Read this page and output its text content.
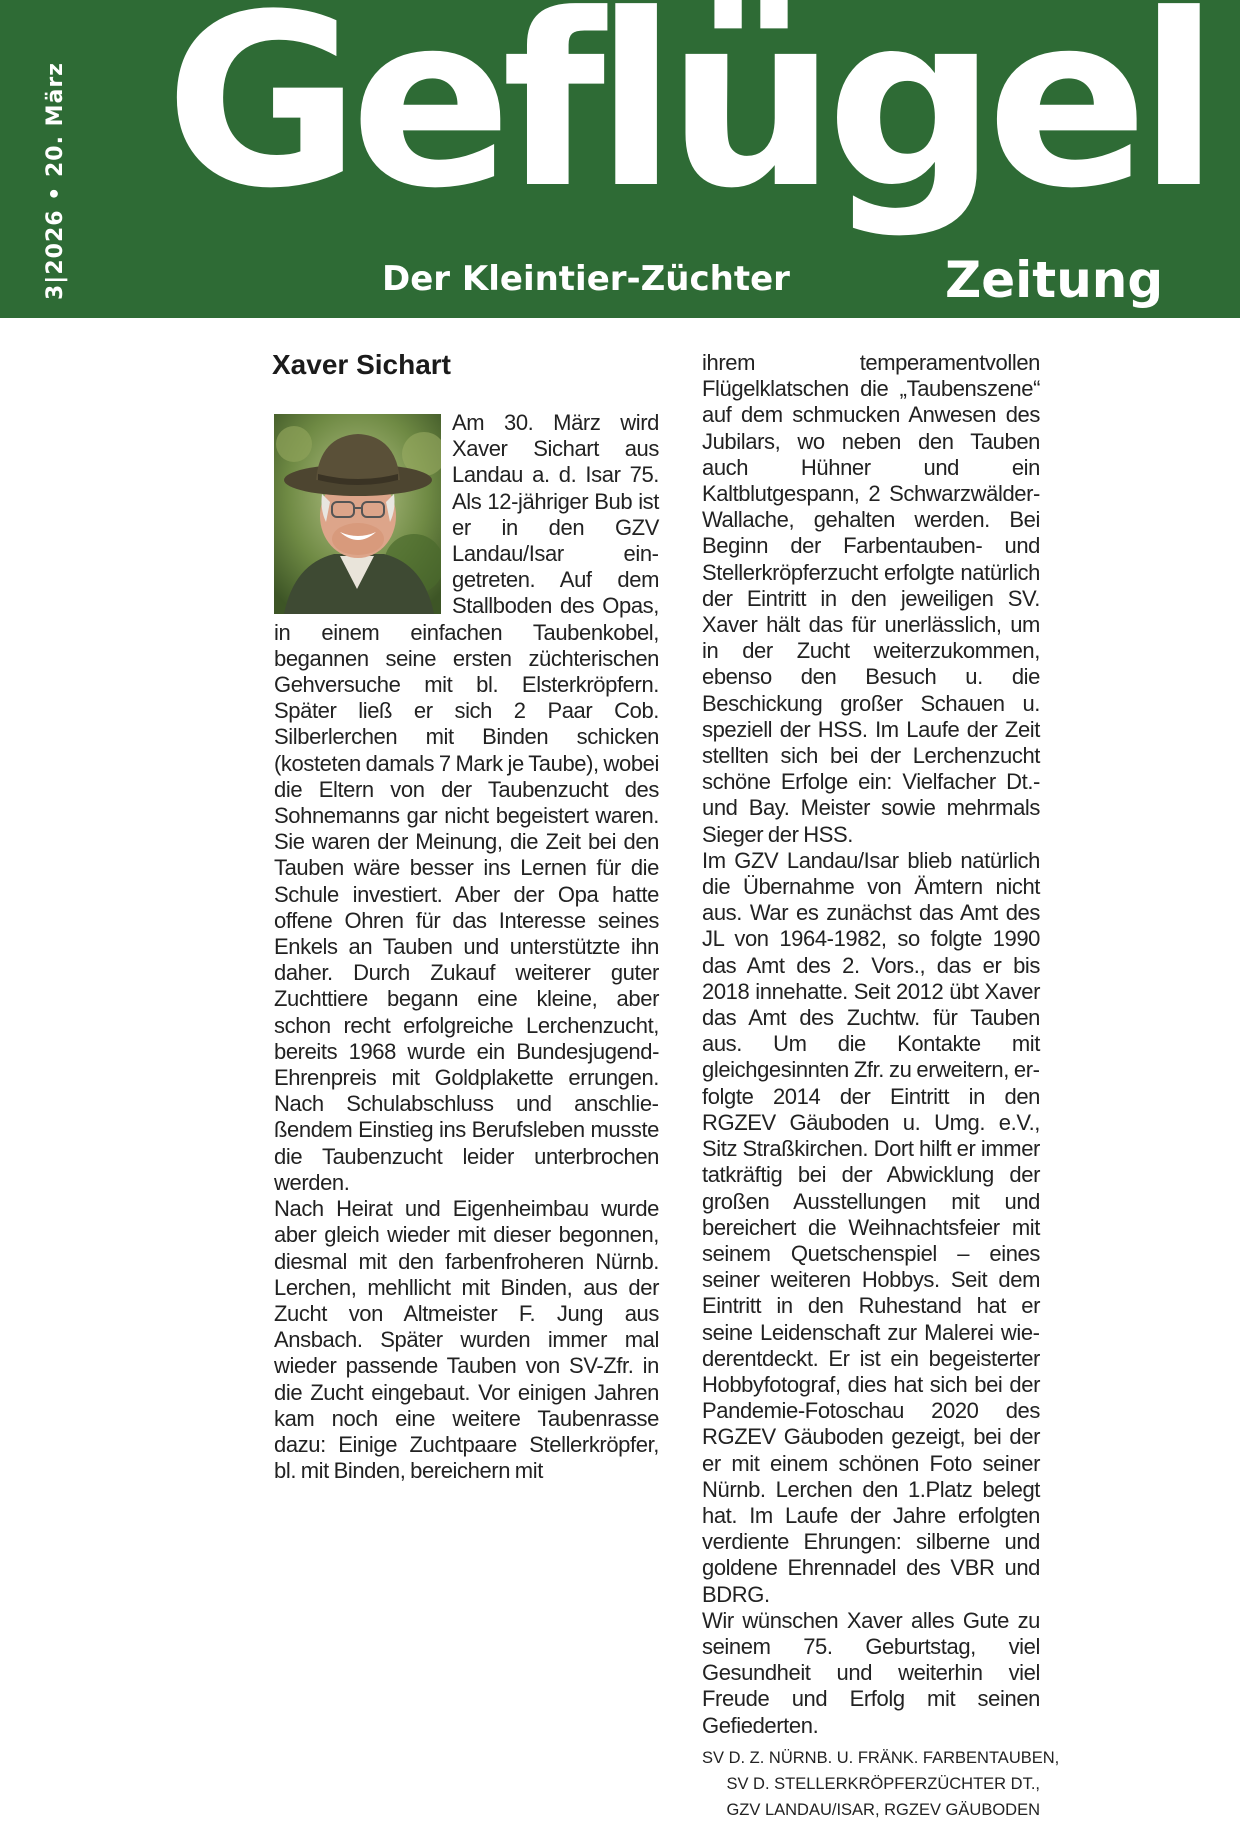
3|2026 • 20. März Geflügel
Der Kleintier-Züchter	Zeitung
Xaver Sichart

Am 30. März wird Xaver Sichart aus Landau a. d. Isar 75. Als 12-jähriger Bub ist er in den GZV Landau/Isar eingetreten. Auf dem Stallboden des Opas, in einem einfachen Taubenkobel, begannen seine ersten züchterischen Gehversuche mit bl. Elsterkröpfern. Später ließ er sich 2 Paar Cob. Silberlerchen mit Binden schicken (kosteten damals 7 Mark je Taube), wobei die Eltern von der Taubenzucht des Sohnemanns gar nicht begeistert waren. Sie waren der Meinung, die Zeit bei den Tauben wäre besser ins Lernen für die Schule investiert. Aber der Opa hatte offene Ohren für das Interesse seines Enkels an Tauben und unterstützte ihn daher. Durch Zukauf weiterer guter Zuchttiere begann eine kleine, aber schon recht erfolgreiche Lerchenzucht, bereits 1968 wurde ein Bundesjugend-Ehrenpreis mit Goldplakette errungen. Nach Schulabschluss und anschließendem Einstieg ins Berufsleben musste die Taubenzucht leider unterbrochen werden.

Nach Heirat und Eigenheimbau wurde aber gleich wieder mit dieser begonnen, diesmal mit den farbenfroheren Nürnb. Lerchen, mehllicht mit Binden, aus der Zucht von Altmeister F. Jung aus Ansbach. Später wurden immer mal wieder passende Tauben von SV-Zfr. in die Zucht eingebaut. Vor einigen Jahren kam noch eine weitere Taubenrasse dazu: Einige Zuchtpaare Stellerkröpfer, bl. mit Binden, bereichern mit

ihrem temperamentvollen Flügelklatschen die „Taubenszene“ auf dem schmucken Anwesen des Jubilars, wo neben den Tauben auch Hühner und ein Kaltblutgespann, 2 Schwarzwälder-Wallache, gehalten werden. Bei Beginn der Farbentauben- und Stellerkröpferzucht erfolgte natürlich der Eintritt in den jeweiligen SV. Xaver hält das für unerlässlich, um in der Zucht weiterzukommen, ebenso den Besuch u. die Beschickung großer Schauen u. speziell der HSS. Im Laufe der Zeit stellten sich bei der Lerchenzucht schöne Erfolge ein: Vielfacher Dt.- und Bay. Meister sowie mehrmals Sieger der HSS.

Im GZV Landau/Isar blieb natürlich die Übernahme von Ämtern nicht aus. War es zunächst das Amt des JL von 1964-1982, so folgte 1990 das Amt des 2. Vors., das er bis 2018 innehatte. Seit 2012 übt Xaver das Amt des Zuchtw. für Tauben aus. Um die Kontakte mit gleichgesinnten Zfr. zu erweitern, erfolgte 2014 der Eintritt in den RGZEV Gäuboden u. Umg. e.V., Sitz Straßkirchen. Dort hilft er immer tatkräftig bei der Abwicklung der großen Ausstellungen mit und bereichert die Weihnachtsfeier mit seinem Quetschenspiel – eines seiner weiteren Hobbys. Seit dem Eintritt in den Ruhestand hat er seine Leidenschaft zur Malerei wiederentdeckt. Er ist ein begeisterter Hobbyfotograf, dies hat sich bei der Pandemie-Fotoschau 2020 des RGZEV Gäuboden gezeigt, bei der er mit einem schönen Foto seiner Nürnb. Lerchen den 1.Platz belegt hat. Im Laufe der Jahre erfolgten verdiente Ehrungen: silberne und goldene Ehrennadel des VBR und BDRG.

Wir wünschen Xaver alles Gute zu seinem 75. Geburtstag, viel Gesundheit und weiterhin viel Freude und Erfolg mit seinen Gefiederten.

SV D. Z. NÜRNB. U. FRÄNK. FARBENTAUBEN,
SV D. STELLERKRÖPFERZÜCHTER DT.,
GZV LANDAU/ISAR, RGZEV GÄUBODEN
